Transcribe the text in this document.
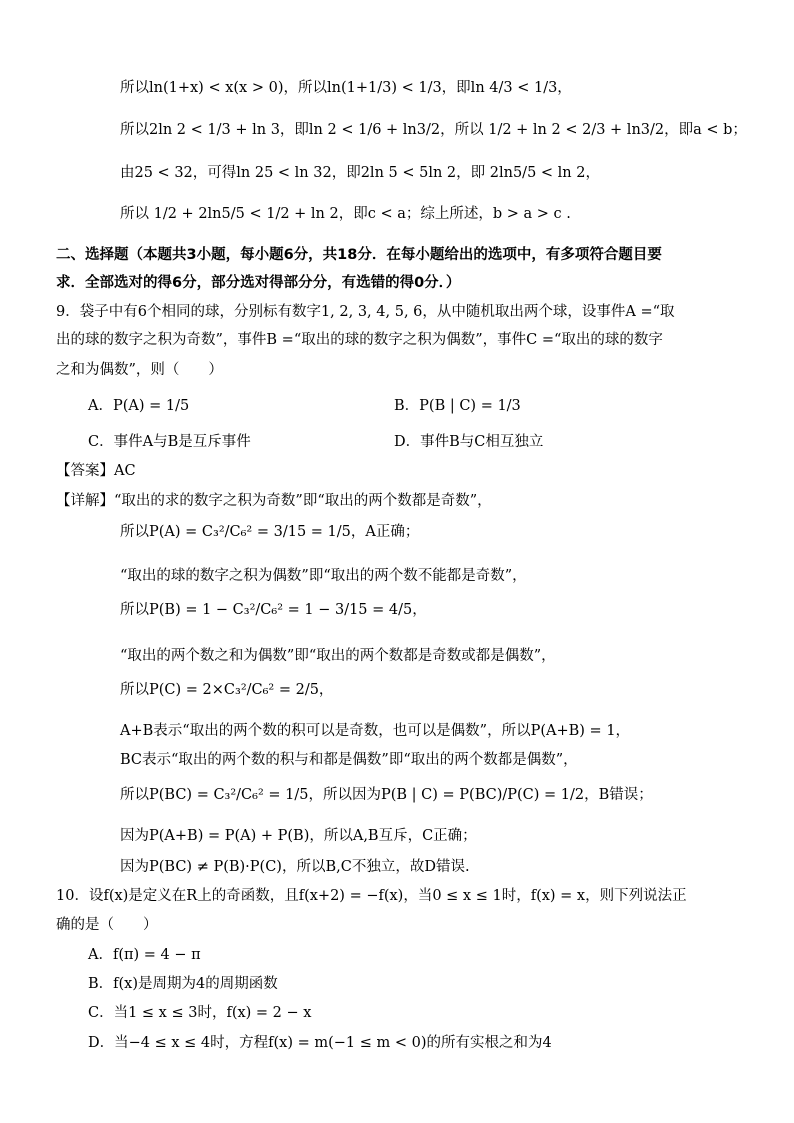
所以ln(1+x) < x(x > 0)，所以ln(1+1/3) < 1/3，即ln 4/3 < 1/3，
所以2ln 2 < 1/3 + ln 3，即ln 2 < 1/6 + ln3/2，所以 1/2 + ln 2 < 2/3 + ln3/2，即a < b；
由25 < 32，可得ln 25 < ln 32，即2ln 5 < 5ln 2，即 2ln5/5 < ln 2，
所以 1/2 + 2ln5/5 < 1/2 + ln 2，即c < a；综上所述，b > a > c .
二、选择题（本题共3小题，每小题6分，共18分．在每小题给出的选项中，有多项符合题目要
求．全部选对的得6分，部分选对得部分分，有选错的得0分．）
9．袋子中有6个相同的球，分别标有数字1, 2, 3, 4, 5, 6，从中随机取出两个球，设事件A =“取
出的球的数字之积为奇数”，事件B =“取出的球的数字之积为偶数”，事件C =“取出的球的数字
之和为偶数”，则（　　）
A．P(A) = 1/5	B．P(B | C) = 1/3
C．事件A与B是互斥事件	D．事件B与C相互独立
【答案】AC
【详解】“取出的求的数字之积为奇数”即“取出的两个数都是奇数”，
所以P(A) = C₃²/C₆² = 3/15 = 1/5，A正确；
“取出的球的数字之积为偶数”即“取出的两个数不能都是奇数”，
所以P(B) = 1 − C₃²/C₆² = 1 − 3/15 = 4/5，
“取出的两个数之和为偶数”即“取出的两个数都是奇数或都是偶数”，
所以P(C) = 2×C₃²/C₆² = 2/5，
A+B表示“取出的两个数的积可以是奇数，也可以是偶数”，所以P(A+B) = 1，
BC表示“取出的两个数的积与和都是偶数”即“取出的两个数都是偶数”，
所以P(BC) = C₃²/C₆² = 1/5，所以因为P(B | C) = P(BC)/P(C) = 1/2，B错误；
因为P(A+B) = P(A) + P(B)，所以A,B互斥，C正确；
因为P(BC) ≠ P(B)·P(C)，所以B,C不独立，故D错误.
10．设f(x)是定义在R上的奇函数，且f(x+2) = −f(x)，当0 ≤ x ≤ 1时，f(x) = x，则下列说法正
确的是（　　）
A．f(π) = 4 − π
B．f(x)是周期为4的周期函数
C．当1 ≤ x ≤ 3时，f(x) = 2 − x
D．当−4 ≤ x ≤ 4时，方程f(x) = m(−1 ≤ m < 0)的所有实根之和为4
